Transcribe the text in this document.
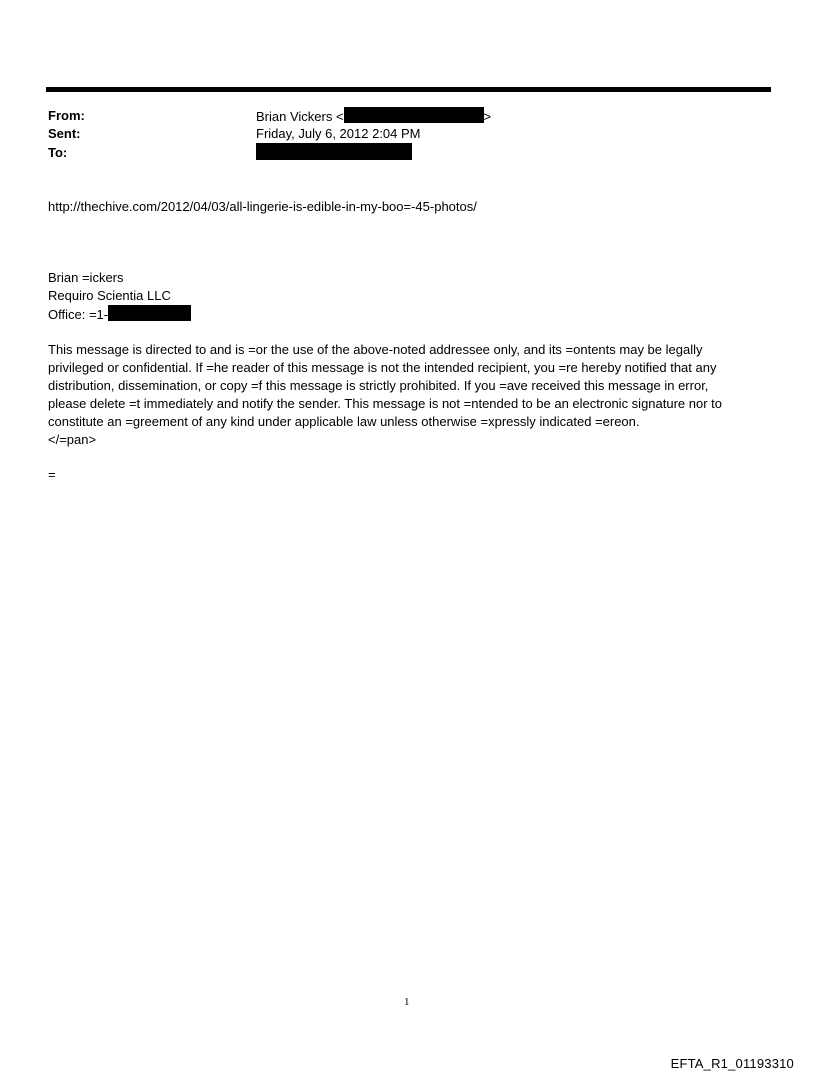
From:	Brian Vickers <	>
Sent:	Friday, July 6, 2012 2:04 PM
To:
http://thechive.com/2012/04/03/all-lingerie-is-edible-in-my-boo=-45-photos/
Brian =ickers
Requiro Scientia LLC
Office: =1-
This message is directed to and is =or the use of the above-noted addressee only, and its =ontents may be legally
privileged or confidential. If =he reader of this message is not the intended recipient, you =re hereby notified that any
distribution, dissemination, or copy =f this message is strictly prohibited. If you =ave received this message in error,
please delete =t immediately and notify the sender. This message is not =ntended to be an electronic signature nor to
constitute an =greement of any kind under applicable law unless otherwise =xpressly indicated =ereon.
</=pan>
=
1
EFTA_R1_01193310
